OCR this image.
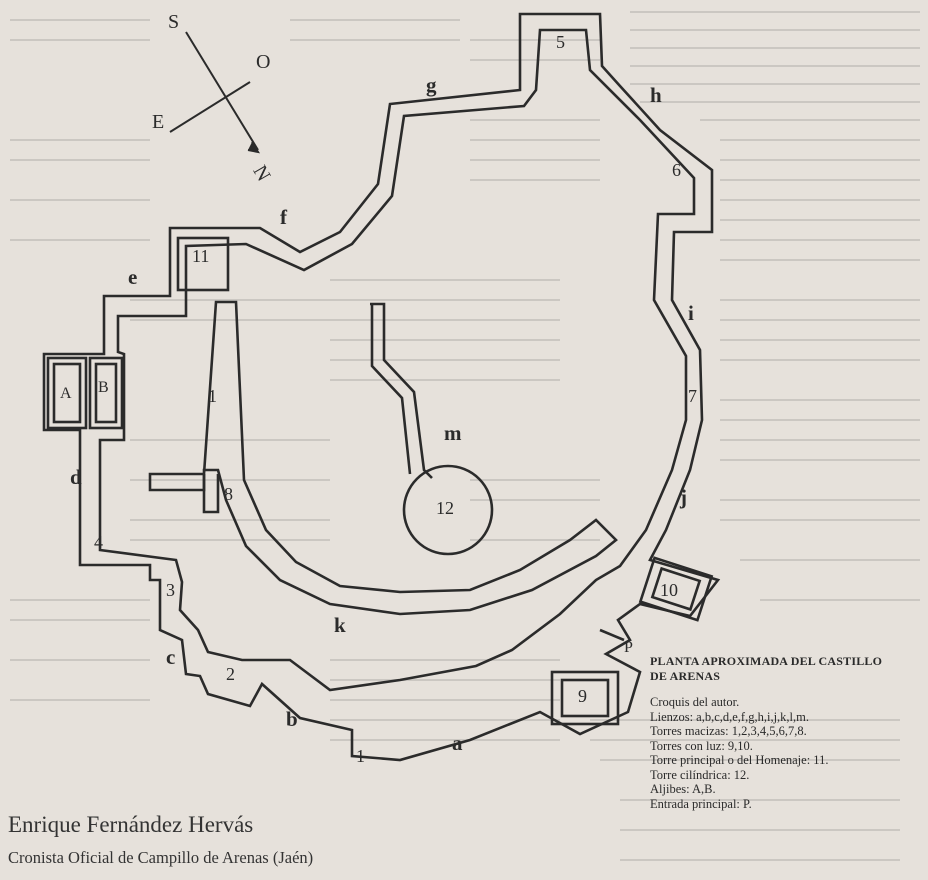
S
O
E
N
g	h
f
e
i
m
d
j
k
c
b
a
5
6
11
1	7
8
12
4
10
3
2
9
1
A B
P
PLANTA APROXIMADA DEL CASTILLO
DE ARENAS
Croquis del autor.
Lienzos: a,b,c,d,e,f,g,h,i,j,k,l,m.
Torres macizas: 1,2,3,4,5,6,7,8.
Torres con luz: 9,10.
Torre principal o del Homenaje: 11.
Torre cilíndrica: 12.
Aljibes: A,B.
Entrada principal: P.
Enrique Fernández Hervás
Cronista Oficial de Campillo de Arenas (Jaén)
